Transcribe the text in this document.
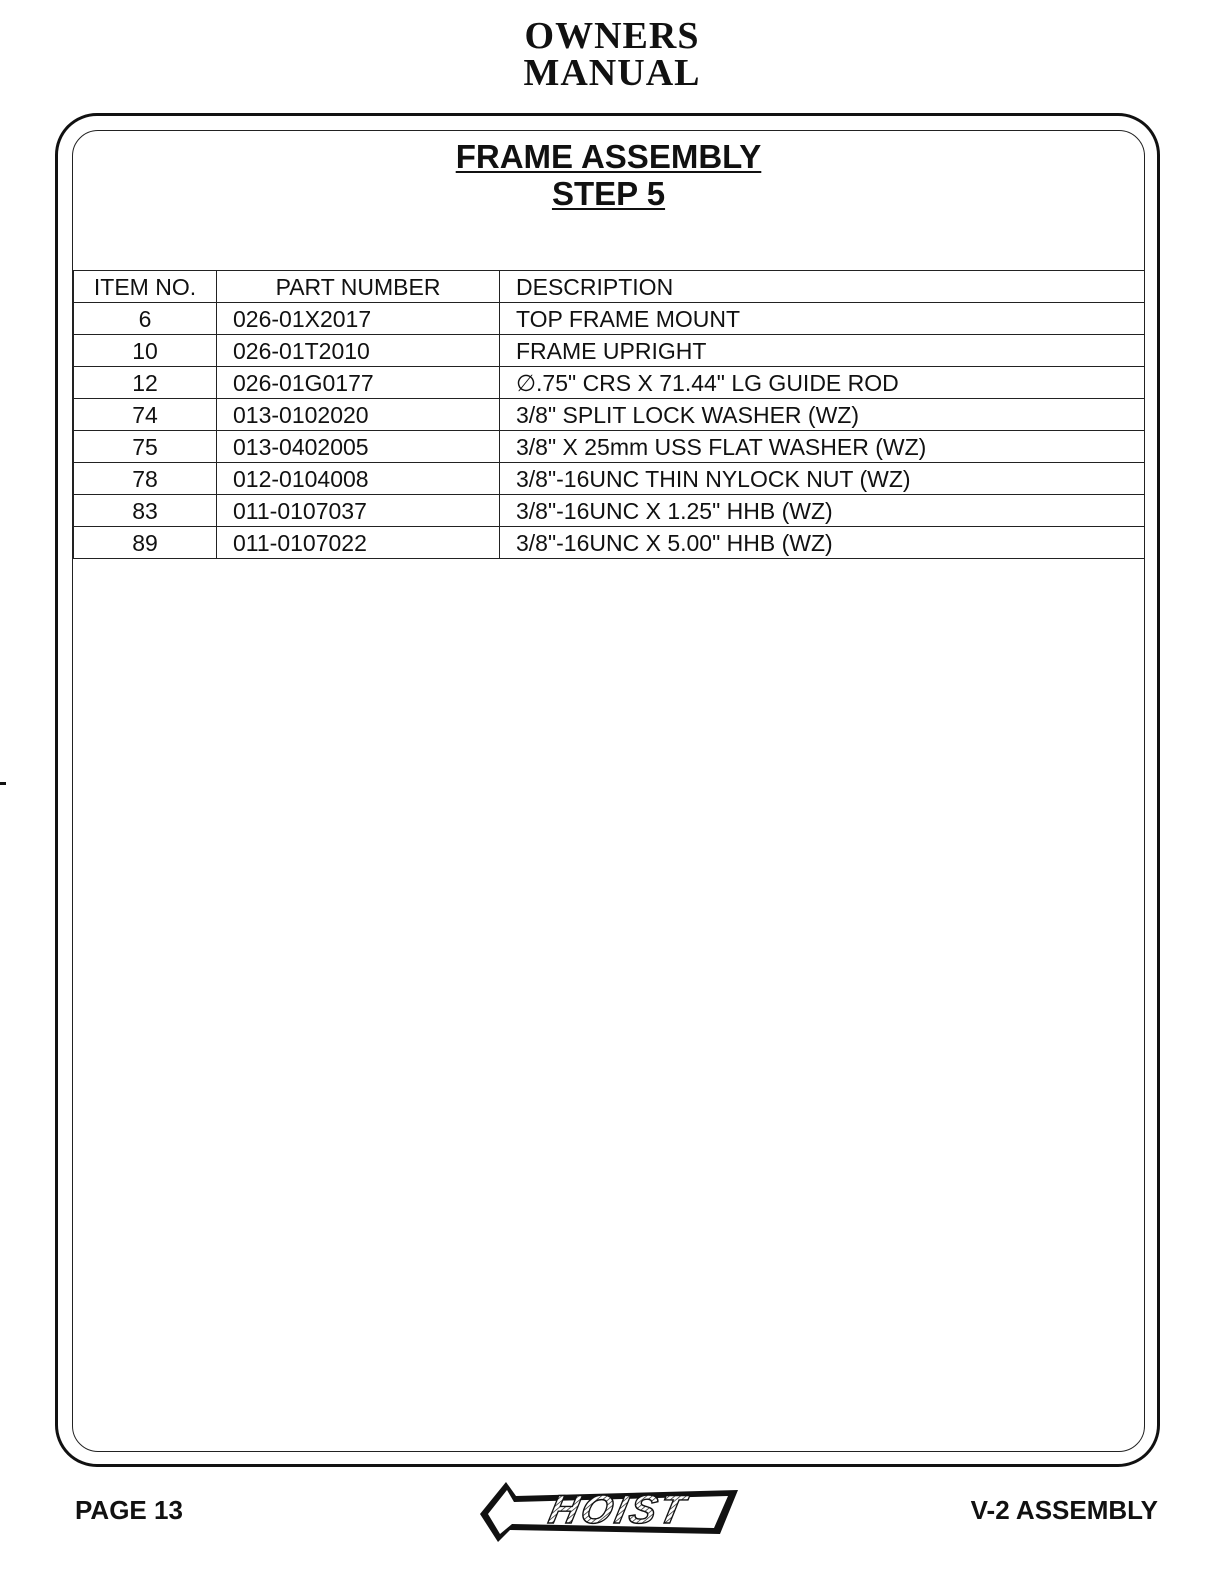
OWNERS
MANUAL
FRAME ASSEMBLY
STEP 5
ITEM NO.	PART NUMBER	DESCRIPTION
6	026-01X2017	TOP FRAME MOUNT
10	026-01T2010	FRAME UPRIGHT
12	026-01G0177	∅.75" CRS X 71.44" LG GUIDE ROD
74	013-0102020	3/8" SPLIT LOCK WASHER (WZ)
75	013-0402005	3/8" X 25mm USS FLAT WASHER (WZ)
78	012-0104008	3/8"-16UNC THIN NYLOCK NUT (WZ)
83	011-0107037	3/8"-16UNC X 1.25" HHB (WZ)
89	011-0107022	3/8"-16UNC X 5.00" HHB (WZ)
PAGE 13	HOIST	V-2 ASSEMBLY
